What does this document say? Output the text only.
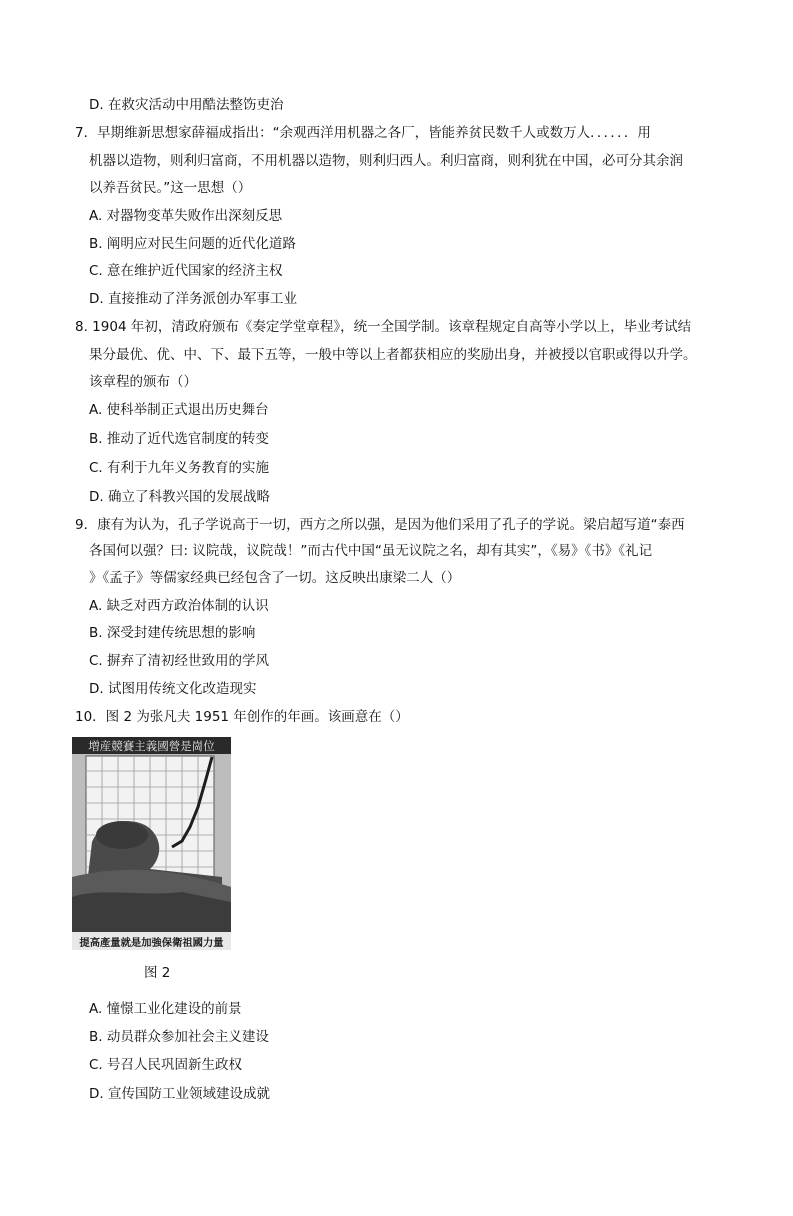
D. 在救灾活动中用酷法整饬吏治
7．早期维新思想家薛福成指出：“余观西洋用机器之各厂，皆能养贫民数千人或数万人．．．．．．用
机器以造物，则利归富商，不用机器以造物，则利归西人。利归富商，则利犹在中国，必可分其余润
以养吾贫民。”这一思想（）
A. 对器物变革失败作出深刻反思
B. 阐明应对民生问题的近代化道路
C. 意在维护近代国家的经济主权
D. 直接推动了洋务派创办军事工业
8. 1904 年初，清政府颁布《奏定学堂章程》，统一全国学制。该章程规定自高等小学以上，毕业考试结
果分最优、优、中、下、最下五等，一般中等以上者都获相应的奖励出身，并被授以官职或得以升学。
该章程的颁布（）
A. 使科举制正式退出历史舞台
B. 推动了近代选官制度的转变
C. 有利于九年义务教育的实施
D. 确立了科教兴国的发展战略
9．康有为认为，孔子学说高于一切，西方之所以强，是因为他们采用了孔子的学说。梁启超写道“泰西
各国何以强？曰: 议院哉，议院哉！”而古代中国“虽无议院之名，却有其实”，《易》《书》《礼记
》《孟子》等儒家经典已经包含了一切。这反映出康梁二人（）
A. 缺乏对西方政治体制的认识
B. 深受封建传统思想的影响
C. 摒弃了清初经世致用的学风
D. 试图用传统文化改造现实
10．图 2 为张凡夫 1951 年创作的年画。该画意在（）
増産競賽主義國營是崗位
提高產量就是加強保衛祖國力量
图 2
A. 憧憬工业化建设的前景
B. 动员群众参加社会主义建设
C. 号召人民巩固新生政权
D. 宣传国防工业领域建设成就
